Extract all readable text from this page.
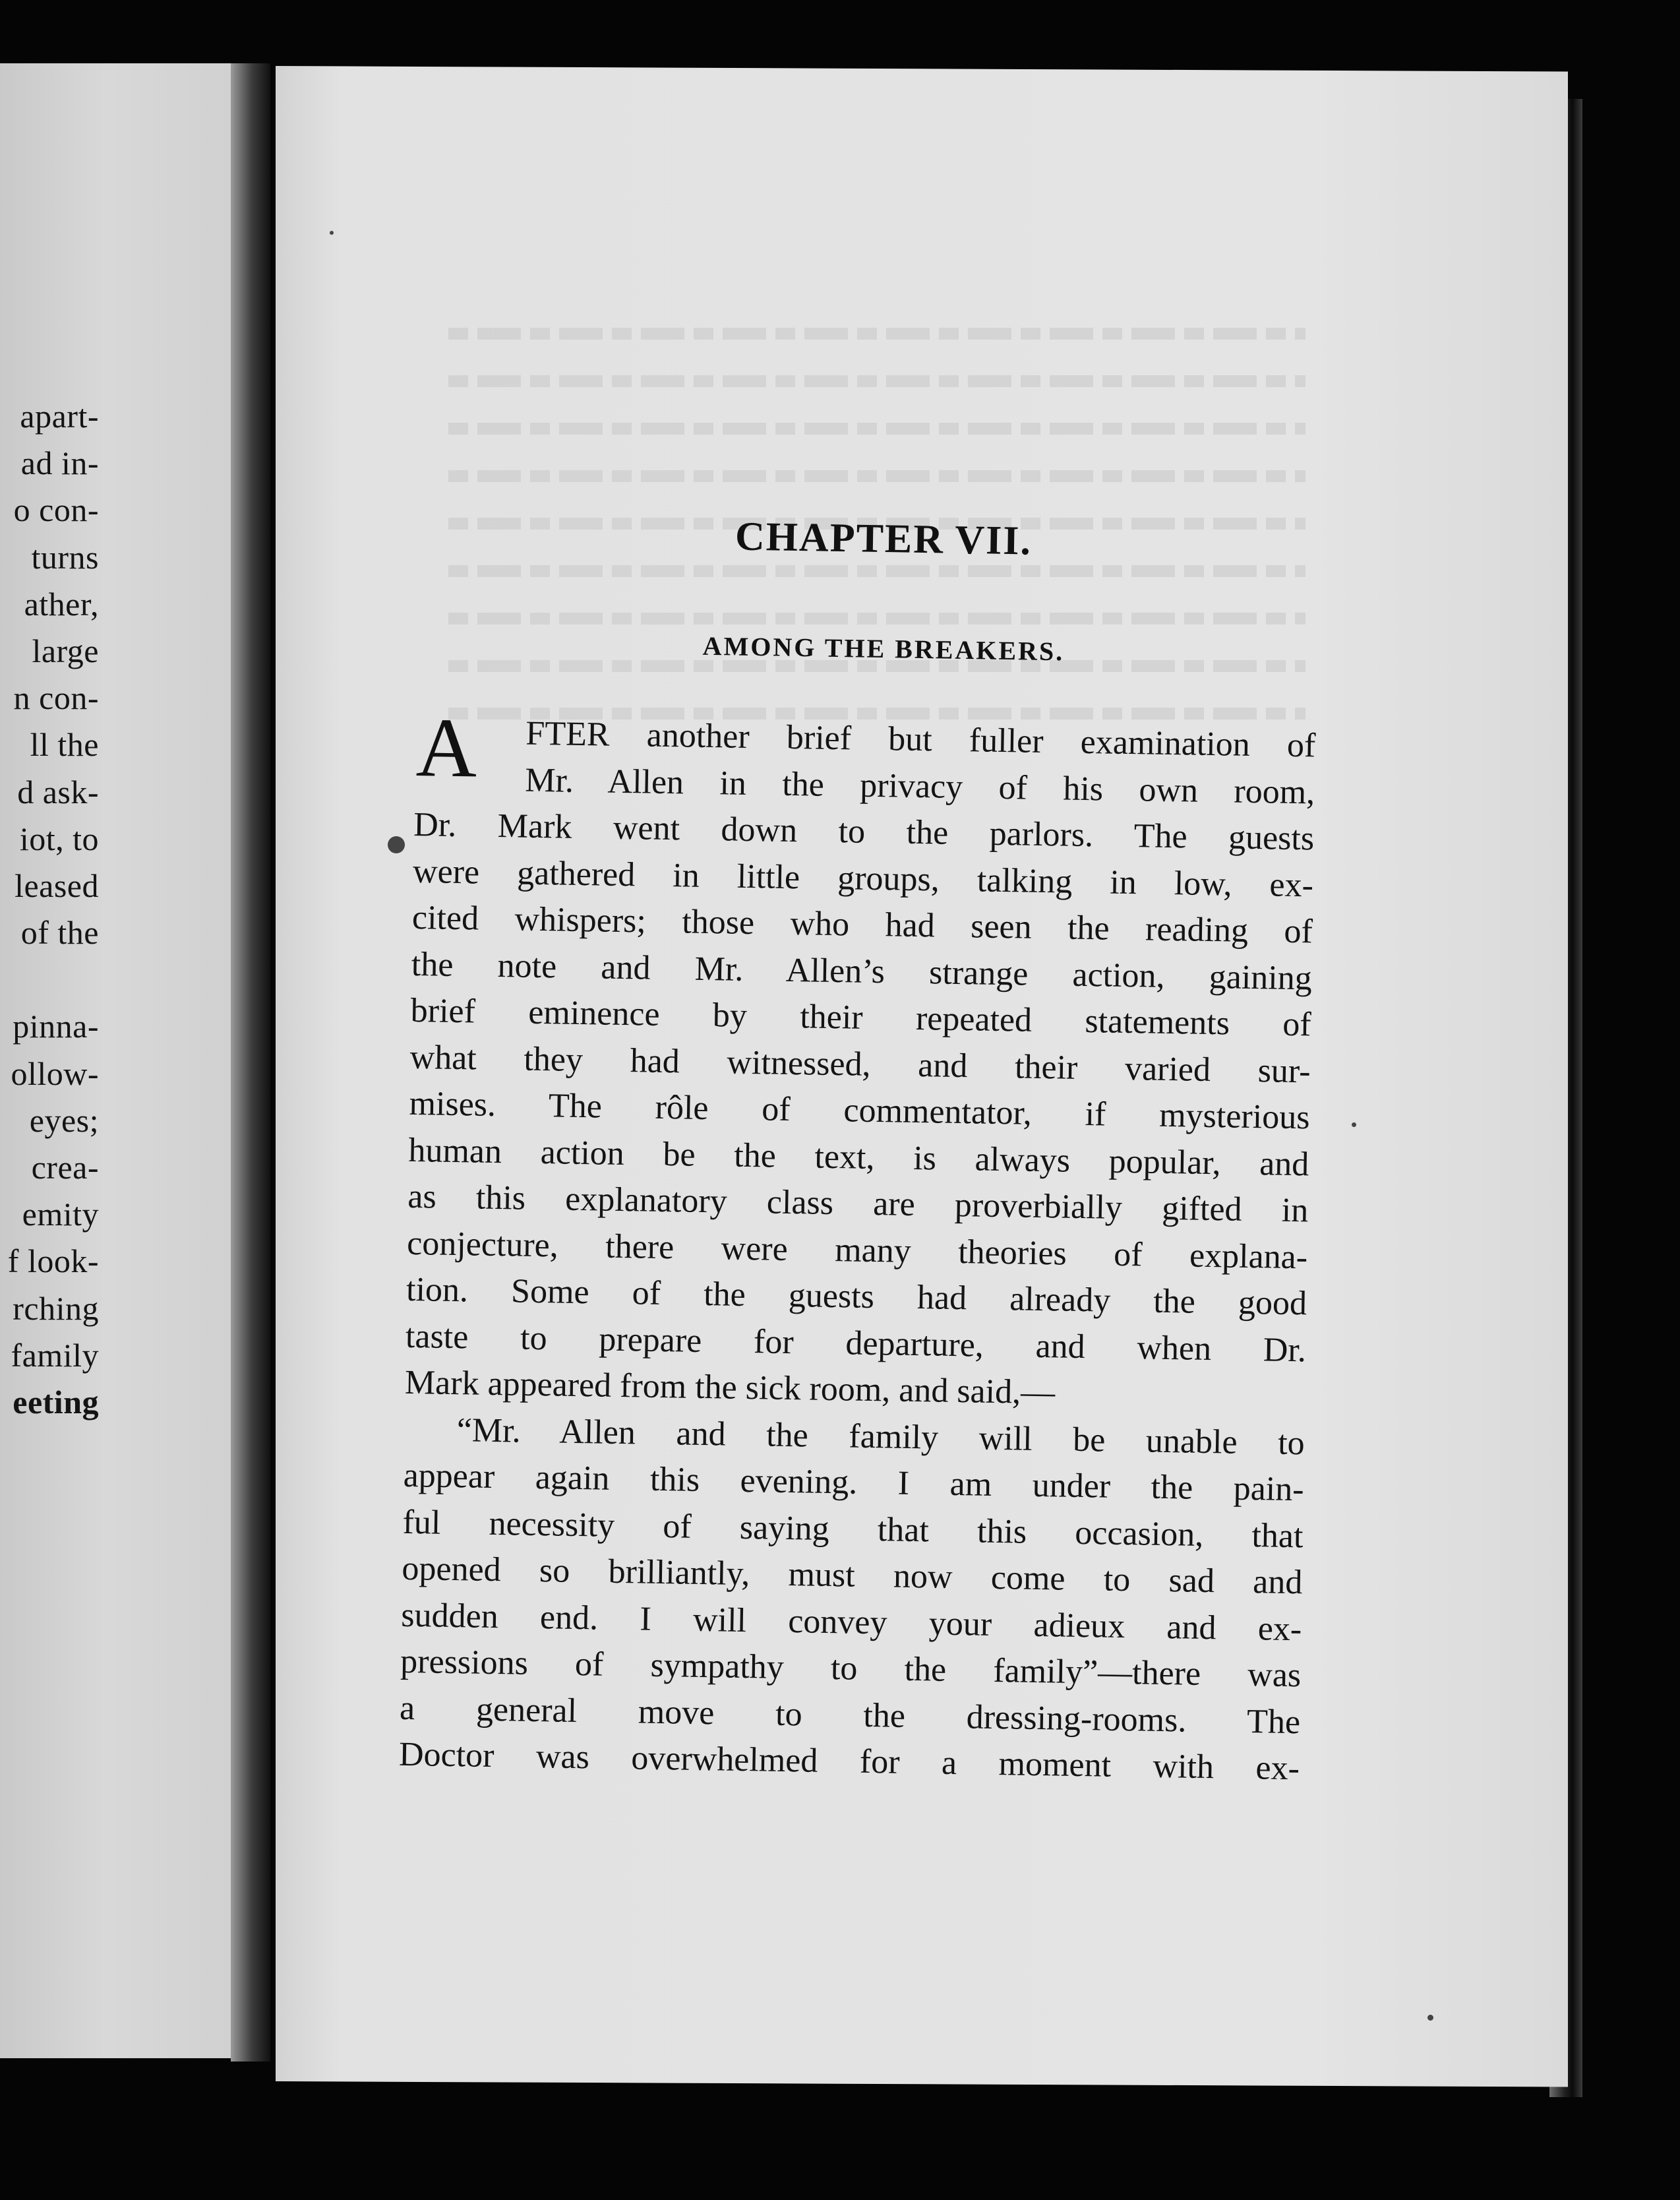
apart-
ad in-
o con-
turns
ather,
large
n con-
ll the
d ask-
iot, to
leased
of the
pinna-
ollow-
eyes;
crea-
emity
f look-
rching
family
eeting
CHAPTER VII.
AMONG THE BREAKERS.
A	FTER another brief but fuller examination of
Mr. Allen in the privacy of his own room,
Dr. Mark went down to the parlors. The guests
were gathered in little groups, talking in low, ex-
cited whispers; those who had seen the reading of
the note and Mr. Allen’s strange action, gaining
brief eminence by their repeated statements of
what they had witnessed, and their varied sur-
mises. The rôle of commentator, if mysterious
human action be the text, is always popular, and
as this explanatory class are proverbially gifted in
conjecture, there were many theories of explana-
tion. Some of the guests had already the good
taste to prepare for departure, and when Dr.
Mark appeared from the sick room, and said,—
“Mr. Allen and the family will be unable to
appear again this evening. I am under the pain-
ful necessity of saying that this occasion, that
opened so brilliantly, must now come to sad and
sudden end. I will convey your adieux and ex-
pressions of sympathy to the family”—there was
a general move to the dressing-rooms. The
Doctor was overwhelmed for a moment with ex-
